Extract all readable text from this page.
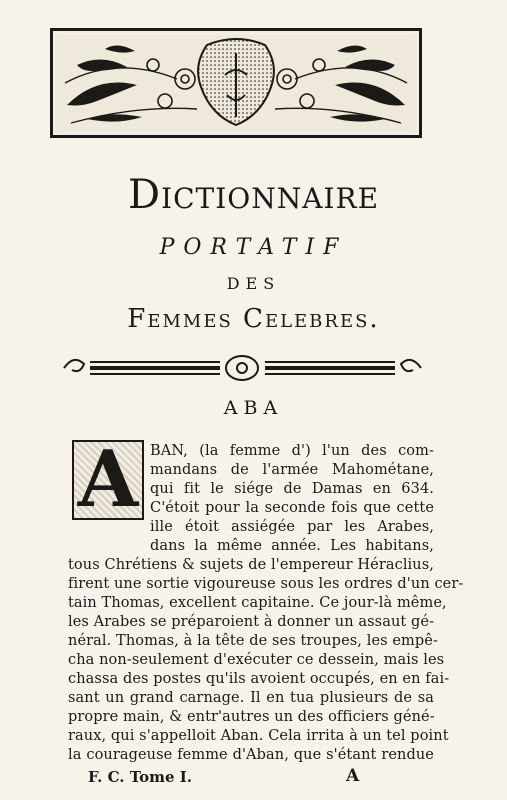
Dictionnaire
PORTATIF
DES
Femmes Celebres.
ABA
A BAN, (la femme d') l'un des com-
mandans de l'armée Mahométane,
qui fit le siége de Damas en 634.
C'étoit pour la seconde fois que cette
ille étoit assiégée par les Arabes,
dans la même année. Les habitans,
tous Chrétiens & sujets de l'empereur Héraclius,
firent une sortie vigoureuse sous les ordres d'un cer-
tain Thomas, excellent capitaine. Ce jour-là même,
les Arabes se préparoient à donner un assaut gé-
néral. Thomas, à la tête de ses troupes, les empê-
cha non-seulement d'exécuter ce dessein, mais les
chassa des postes qu'ils avoient occupés, en en fai-
sant un grand carnage. Il en tua plusieurs de sa
propre main, & entr'autres un des officiers géné-
raux, qui s'appelloit Aban. Cela irrita à un tel point
la courageuse femme d'Aban, que s'étant rendue
F. C. Tome I.	A
